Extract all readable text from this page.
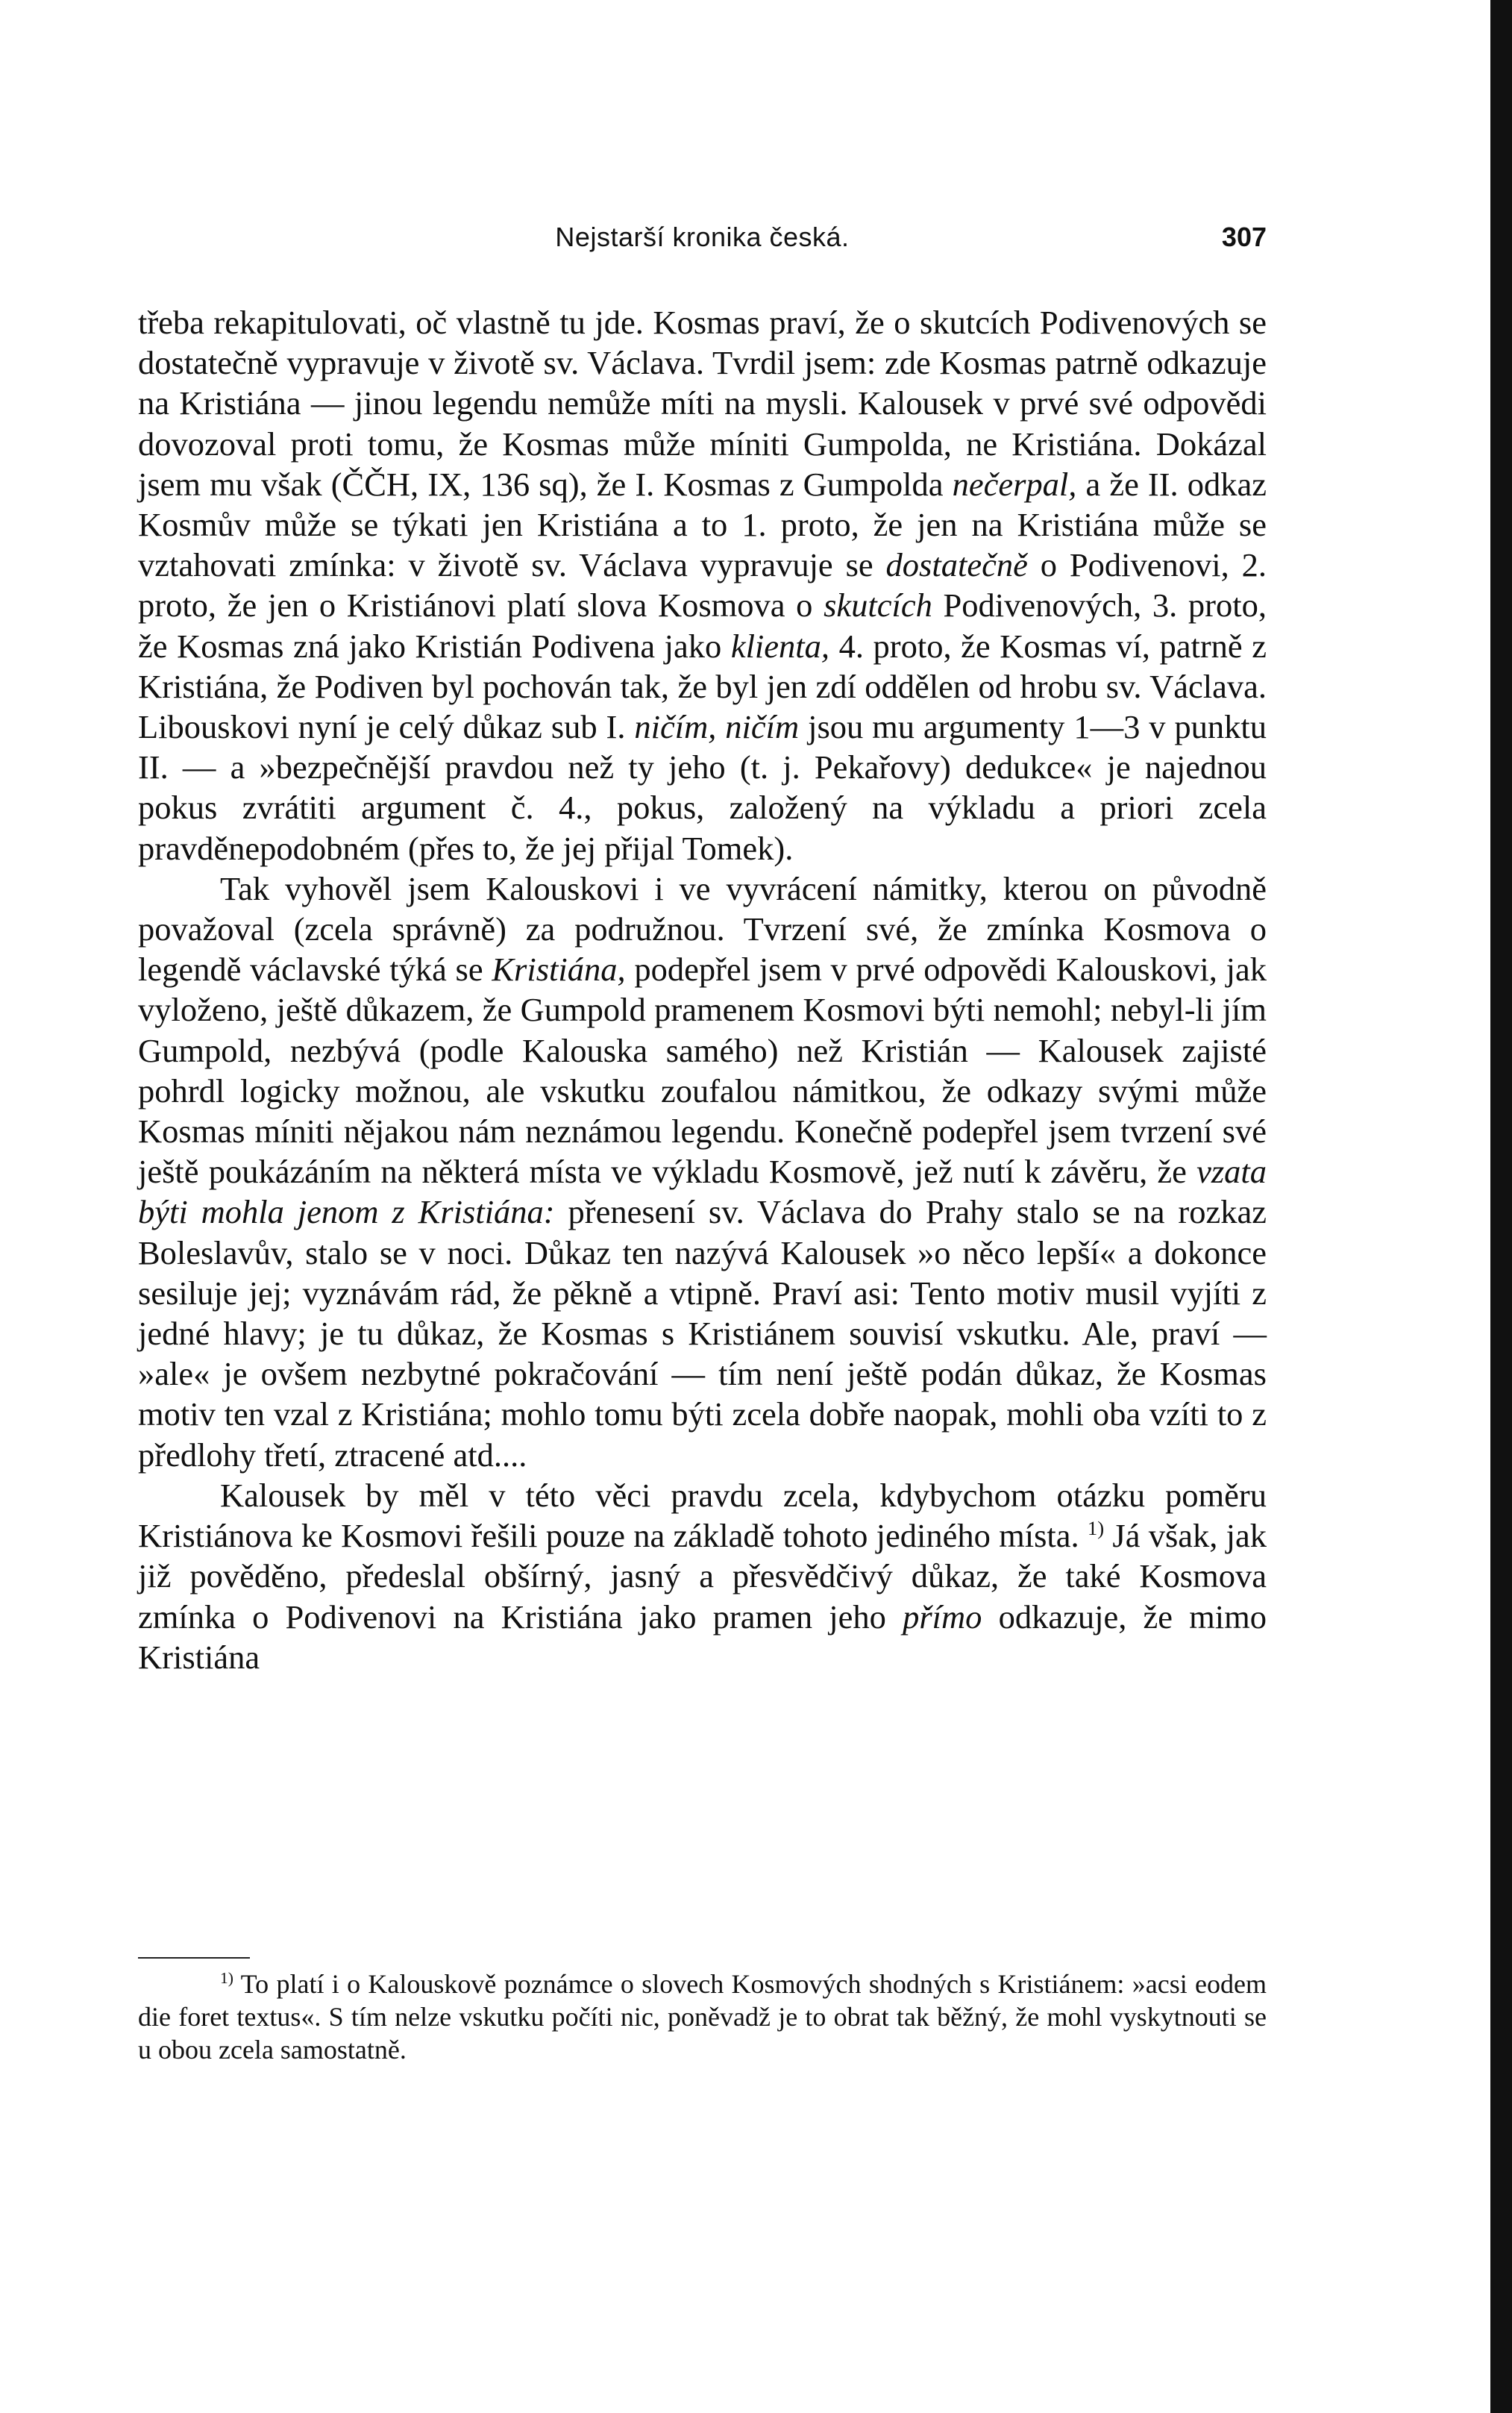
Nejstarší kronika česká.	307

třeba rekapitulovati, oč vlastně tu jde. Kosmas praví, že o skutcích Podivenových se dostatečně vypravuje v životě sv. Václava. Tvrdil jsem: zde Kosmas patrně odkazuje na Kristiána — jinou legendu nemůže míti na mysli. Kalousek v prvé své odpovědi dovozoval proti tomu, že Kosmas může míniti Gumpolda, ne Kristiána. Dokázal jsem mu však (ČČH, IX, 136 sq), že I. Kosmas z Gumpolda nečerpal, a že II. odkaz Kosmův může se týkati jen Kristiána a to 1. proto, že jen na Kristiána může se vztahovati zmínka: v životě sv. Václava vypravuje se dostatečně o Podivenovi, 2. proto, že jen o Kristiánovi platí slova Kosmova o skutcích Podivenových, 3. proto, že Kosmas zná jako Kristián Podivena jako klienta, 4. proto, že Kosmas ví, patrně z Kristiána, že Podiven byl pochován tak, že byl jen zdí oddělen od hrobu sv. Václava. Libouskovi nyní je celý důkaz sub I. ničím, ničím jsou mu argumenty 1—3 v punktu II. — a »bezpečnější pravdou než ty jeho (t. j. Pekařovy) dedukce« je najednou pokus zvrátiti argument č. 4., pokus, založený na výkladu a priori zcela pravděnepodobném (přes to, že jej přijal Tomek).

Tak vyhověl jsem Kalouskovi i ve vyvrácení námitky, kterou on původně považoval (zcela správně) za podružnou. Tvrzení své, že zmínka Kosmova o legendě václavské týká se Kristiána, podepřel jsem v prvé odpovědi Kalouskovi, jak vyloženo, ještě důkazem, že Gumpold pramenem Kosmovi býti nemohl; nebyl-li jím Gumpold, nezbývá (podle Kalouska samého) než Kristián — Kalousek zajisté pohrdl logicky možnou, ale vskutku zoufalou námitkou, že odkazy svými může Kosmas míniti nějakou nám neznámou legendu. Konečně podepřel jsem tvrzení své ještě poukázáním na některá místa ve výkladu Kosmově, jež nutí k závěru, že vzata býti mohla jenom z Kristiána: přenesení sv. Václava do Prahy stalo se na rozkaz Boleslavův, stalo se v noci. Důkaz ten nazývá Kalousek »o něco lepší« a dokonce sesiluje jej; vyznávám rád, že pěkně a vtipně. Praví asi: Tento motiv musil vyjíti z jedné hlavy; je tu důkaz, že Kosmas s Kristiánem souvisí vskutku. Ale, praví — »ale« je ovšem nezbytné pokračování — tím není ještě podán důkaz, že Kosmas motiv ten vzal z Kristiána; mohlo tomu býti zcela dobře naopak, mohli oba vzíti to z předlohy třetí, ztracené atd....

Kalousek by měl v této věci pravdu zcela, kdybychom otázku poměru Kristiánova ke Kosmovi řešili pouze na základě tohoto jediného místa. $^{1)}$ Já však, jak již pověděno, předeslal obšírný, jasný a přesvědčivý důkaz, že také Kosmova zmínka o Podivenovi na Kristiána jako pramen jeho přímo odkazuje, že mimo Kristiána

$^{1)}$ To platí i o Kalouskově poznámce o slovech Kosmových shodných s Kristiánem: »acsi eodem die foret textus«. S tím nelze vskutku počíti nic, poněvadž je to obrat tak běžný, že mohl vyskytnouti se u obou zcela samostatně.
